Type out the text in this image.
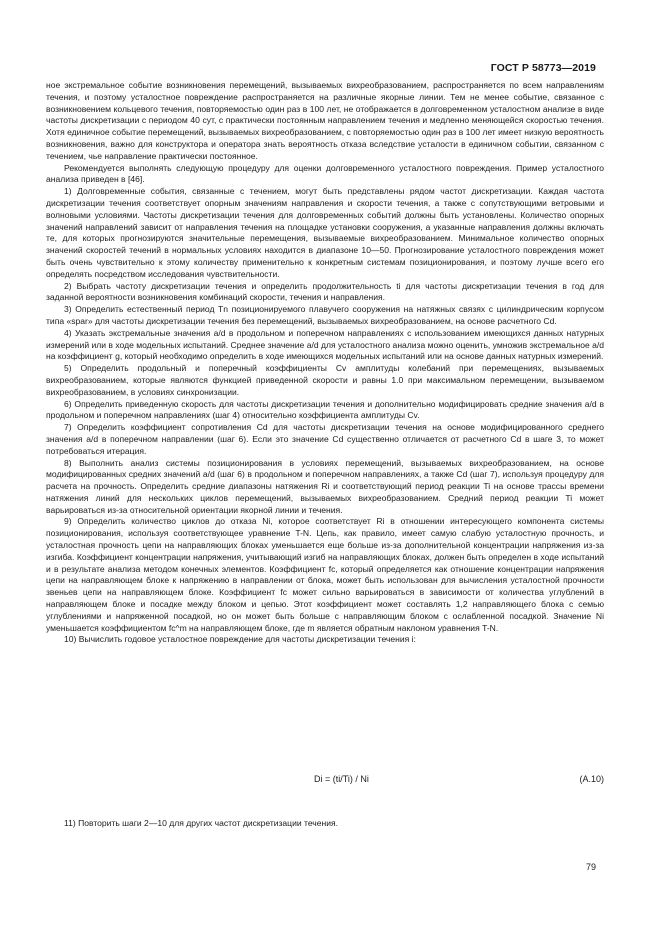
ГОСТ Р 58773—2019

ное экстремальное событие возникновения перемещений, вызываемых вихреобразованием, распространяется по всем направлениям течения, и поэтому усталостное повреждение распространяется на различные якорные линии. Тем не менее событие, связанное с возникновением кольцевого течения, повторяемостью один раз в 100 лет, не отображается в долговременном усталостном анализе в виде частоты дискретизации с периодом 40 сут, с практически постоянным направлением течения и медленно меняющейся скоростью течения. Хотя единичное событие перемещений, вызываемых вихреобразованием, с повторяемостью один раз в 100 лет имеет низкую вероятность возникновения, важно для конструктора и оператора знать вероятность отказа вследствие усталости в единичном событии, связанном с течением, чье направление практически постоянное.

Рекомендуется выполнять следующую процедуру для оценки долговременного усталостного повреждения. Пример усталостного анализа приведен в [46].

1) Долговременные события, связанные с течением, могут быть представлены рядом частот дискретизации. Каждая частота дискретизации течения соответствует опорным значениям направления и скорости течения, а также с сопутствующими ветровыми и волновыми условиями. Частоты дискретизации течения для долговременных событий должны быть установлены. Количество опорных значений направлений зависит от направления течения на площадке установки сооружения, а указанные направления должны включать те, для которых прогнозируются значительные перемещения, вызываемые вихреобразованием. Минимальное количество опорных значений скоростей течений в нормальных условиях находится в диапазоне 10—50. Прогнозирование усталостного повреждения может быть очень чувствительно к этому количеству применительно к конкретным системам позиционирования, и поэтому лучше всего его определять посредством исследования чувствительности.

2) Выбрать частоту дискретизации течения и определить продолжительность ti для частоты дискретизации течения в год для заданной вероятности возникновения комбинаций скорости, течения и направления.

3) Определить естественный период Tn позиционируемого плавучего сооружения на натяжных связях с цилиндрическим корпусом типа «spar» для частоты дискретизации течения без перемещений, вызываемых вихреобразованием, на основе расчетного Cd.

4) Указать экстремальные значения a/d в продольном и поперечном направлениях с использованием имеющихся данных натурных измерений или в ходе модельных испытаний. Среднее значение a/d для усталостного анализа можно оценить, умножив экстремальное a/d на коэффициент g, который необходимо определить в ходе имеющихся модельных испытаний или на основе данных натурных измерений.

5) Определить продольный и поперечный коэффициенты Cv амплитуды колебаний при перемещениях, вызываемых вихреобразованием, которые являются функцией приведенной скорости и равны 1.0 при максимальном перемещении, вызываемом вихреобразованием, в условиях синхронизации.

6) Определить приведенную скорость для частоты дискретизации течения и дополнительно модифицировать средние значения a/d в продольном и поперечном направлениях (шаг 4) относительно коэффициента амплитуды Cv.

7) Определить коэффициент сопротивления Cd для частоты дискретизации течения на основе модифицированного среднего значения a/d в поперечном направлении (шаг 6). Если это значение Cd существенно отличается от расчетного Cd в шаге 3, то может потребоваться итерация.

8) Выполнить анализ системы позиционирования в условиях перемещений, вызываемых вихреобразованием, на основе модифицированных средних значений a/d (шаг 6) в продольном и поперечном направлениях, а также Cd (шаг 7), используя процедуру для расчета на прочность. Определить средние диапазоны натяжения Ri и соответствующий период реакции Ti на основе трассы времени натяжения линий для нескольких циклов перемещений, вызываемых вихреобразованием. Средний период реакции Ti может варьироваться из-за относительной ориентации якорной линии и течения.

9) Определить количество циклов до отказа Ni, которое соответствует Ri в отношении интересующего компонента системы позиционирования, используя соответствующее уравнение T-N. Цепь, как правило, имеет самую слабую усталостную прочность, и усталостная прочность цепи на направляющих блоках уменьшается еще больше из-за дополнительной концентрации напряжения из-за изгиба. Коэффициент концентрации напряжения, учитывающий изгиб на направляющих блоках, должен быть определен в ходе испытаний и в результате анализа методом конечных элементов. Коэффициент fc, который определяется как отношение концентрации напряжения цепи на направляющем блоке к напряжению в направлении от блока, может быть использован для вычисления усталостной прочности звеньев цепи на направляющем блоке. Коэффициент fc может сильно варьироваться в зависимости от количества углублений в направляющем блоке и посадке между блоком и цепью. Этот коэффициент может составлять 1,2 направляющего блока с семью углублениями и напряженной посадкой, но он может быть больше с направляющим блоком с ослабленной посадкой. Значение Ni уменьшается коэффициентом fc^m на направляющем блоке, где m является обратным наклоном уравнения T-N.

10) Вычислить годовое усталостное повреждение для частоты дискретизации течения i:

Di = (ti/Ti) / Ni	(A.10)
11) Повторить шаги 2—10 для других частот дискретизации течения.
79
